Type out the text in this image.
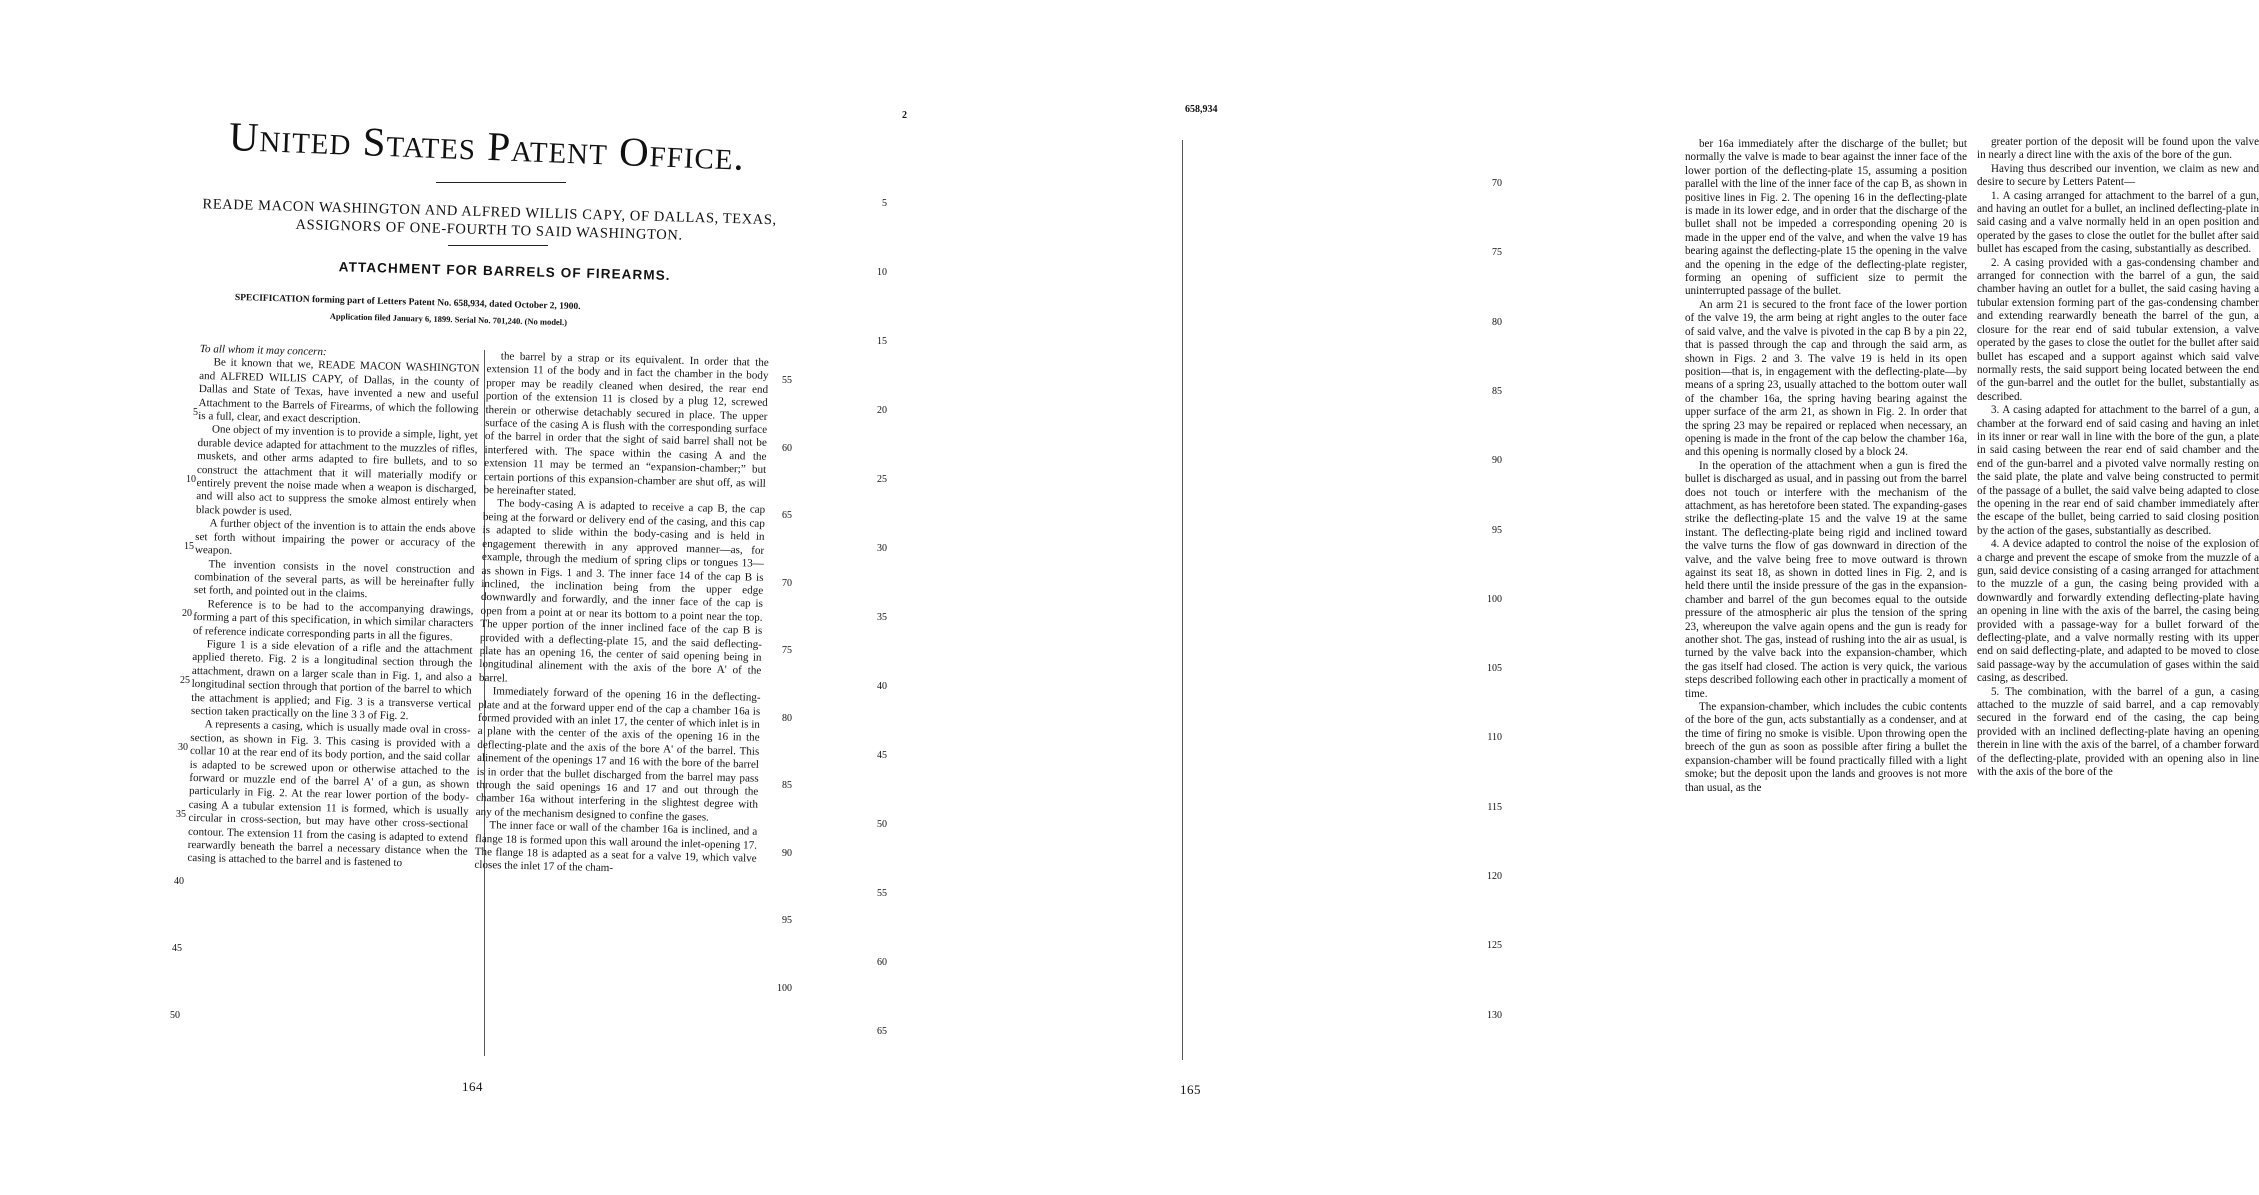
United States Patent Office.
READE MACON WASHINGTON AND ALFRED WILLIS CAPY, OF DALLAS, TEXAS, ASSIGNORS OF ONE-FOURTH TO SAID WASHINGTON.
ATTACHMENT FOR BARRELS OF FIREARMS.
SPECIFICATION forming part of Letters Patent No. 658,934, dated October 2, 1900.
Application filed January 6, 1899. Serial No. 701,240. (No model.)

To all whom it may concern:

Be it known that we, READE MACON WASHINGTON and ALFRED WILLIS CAPY, of Dallas, in the county of Dallas and State of Texas, have invented a new and useful Attachment to the Barrels of Firearms, of which the following is a full, clear, and exact description.

One object of my invention is to provide a simple, light, yet durable device adapted for attachment to the muzzles of rifles, muskets, and other arms adapted to fire bullets, and to so construct the attachment that it will materially modify or entirely prevent the noise made when a weapon is discharged, and will also act to suppress the smoke almost entirely when black powder is used.

A further object of the invention is to attain the ends above set forth without impairing the power or accuracy of the weapon.

The invention consists in the novel construction and combination of the several parts, as will be hereinafter fully set forth, and pointed out in the claims.

Reference is to be had to the accompanying drawings, forming a part of this specification, in which similar characters of reference indicate corresponding parts in all the figures.

Figure 1 is a side elevation of a rifle and the attachment applied thereto. Fig. 2 is a longitudinal section through the attachment, drawn on a larger scale than in Fig. 1, and also a longitudinal section through that portion of the barrel to which the attachment is applied; and Fig. 3 is a transverse vertical section taken practically on the line 3 3 of Fig. 2.

A represents a casing, which is usually made oval in cross-section, as shown in Fig. 3. This casing is provided with a collar 10 at the rear end of its body portion, and the said collar is adapted to be screwed upon or otherwise attached to the forward or muzzle end of the barrel A' of a gun, as shown particularly in Fig. 2. At the rear lower portion of the body-casing A a tubular extension 11 is formed, which is usually circular in cross-section, but may have other cross-sectional contour. The extension 11 from the casing is adapted to extend rearwardly beneath the barrel a necessary distance when the casing is attached to the barrel and is fastened to

the barrel by a strap or its equivalent. In order that the extension 11 of the body and in fact the chamber in the body proper may be readily cleaned when desired, the rear end portion of the extension 11 is closed by a plug 12, screwed therein or otherwise detachably secured in place. The upper surface of the casing A is flush with the corresponding surface of the barrel in order that the sight of said barrel shall not be interfered with. The space within the casing A and the extension 11 may be termed an “expansion-chamber;” but certain portions of this expansion-chamber are shut off, as will be hereinafter stated.

The body-casing A is adapted to receive a cap B, the cap being at the forward or delivery end of the casing, and this cap is adapted to slide within the body-casing and is held in engagement therewith in any approved manner—as, for example, through the medium of spring clips or tongues 13—as shown in Figs. 1 and 3. The inner face 14 of the cap B is inclined, the inclination being from the upper edge downwardly and forwardly, and the inner face of the cap is open from a point at or near its bottom to a point near the top. The upper portion of the inner inclined face of the cap B is provided with a deflecting-plate 15, and the said deflecting-plate has an opening 16, the center of said opening being in longitudinal alinement with the axis of the bore A' of the barrel.

Immediately forward of the opening 16 in the deflecting-plate and at the forward upper end of the cap a chamber 16a is formed provided with an inlet 17, the center of which inlet is in a plane with the center of the axis of the opening 16 in the deflecting-plate and the axis of the bore A' of the barrel. This alinement of the openings 17 and 16 with the bore of the barrel is in order that the bullet discharged from the barrel may pass through the said openings 16 and 17 and out through the chamber 16a without interfering in the slightest degree with any of the mechanism designed to confine the gases.

The inner face or wall of the chamber 16a is inclined, and a flange 18 is formed upon this wall around the inlet-opening 17. The flange 18 is adapted as a seat for a valve 19, which valve closes the inlet 17 of the cham-

164
5
10
15
20
25
30
35
40
45
50
55
60
65
70
75
80
85
90
95
100
2
658,934

ber 16a immediately after the discharge of the bullet; but normally the valve is made to bear against the inner face of the lower portion of the deflecting-plate 15, assuming a position parallel with the line of the inner face of the cap B, as shown in positive lines in Fig. 2. The opening 16 in the deflecting-plate is made in its lower edge, and in order that the discharge of the bullet shall not be impeded a corresponding opening 20 is made in the upper end of the valve, and when the valve 19 has bearing against the deflecting-plate 15 the opening in the valve and the opening in the edge of the deflecting-plate register, forming an opening of sufficient size to permit the uninterrupted passage of the bullet.

An arm 21 is secured to the front face of the lower portion of the valve 19, the arm being at right angles to the outer face of said valve, and the valve is pivoted in the cap B by a pin 22, that is passed through the cap and through the said arm, as shown in Figs. 2 and 3. The valve 19 is held in its open position—that is, in engagement with the deflecting-plate—by means of a spring 23, usually attached to the bottom outer wall of the chamber 16a, the spring having bearing against the upper surface of the arm 21, as shown in Fig. 2. In order that the spring 23 may be repaired or replaced when necessary, an opening is made in the front of the cap below the chamber 16a, and this opening is normally closed by a block 24.

In the operation of the attachment when a gun is fired the bullet is discharged as usual, and in passing out from the barrel does not touch or interfere with the mechanism of the attachment, as has heretofore been stated. The expanding-gases strike the deflecting-plate 15 and the valve 19 at the same instant. The deflecting-plate being rigid and inclined toward the valve turns the flow of gas downward in direction of the valve, and the valve being free to move outward is thrown against its seat 18, as shown in dotted lines in Fig. 2, and is held there until the inside pressure of the gas in the expansion-chamber and barrel of the gun becomes equal to the outside pressure of the atmospheric air plus the tension of the spring 23, whereupon the valve again opens and the gun is ready for another shot. The gas, instead of rushing into the air as usual, is turned by the valve back into the expansion-chamber, which the gas itself had closed. The action is very quick, the various steps described following each other in practically a moment of time.

The expansion-chamber, which includes the cubic contents of the bore of the gun, acts substantially as a condenser, and at the time of firing no smoke is visible. Upon throwing open the breech of the gun as soon as possible after firing a bullet the expansion-chamber will be found practically filled with a light smoke; but the deposit upon the lands and grooves is not more than usual, as the

greater portion of the deposit will be found upon the valve in nearly a direct line with the axis of the bore of the gun.

Having thus described our invention, we claim as new and desire to secure by Letters Patent—

1. A casing arranged for attachment to the barrel of a gun, and having an outlet for a bullet, an inclined deflecting-plate in said casing and a valve normally held in an open position and operated by the gases to close the outlet for the bullet after said bullet has escaped from the casing, substantially as described.

2. A casing provided with a gas-condensing chamber and arranged for connection with the barrel of a gun, the said chamber having an outlet for a bullet, the said casing having a tubular extension forming part of the gas-condensing chamber and extending rearwardly beneath the barrel of the gun, a closure for the rear end of said tubular extension, a valve operated by the gases to close the outlet for the bullet after said bullet has escaped and a support against which said valve normally rests, the said support being located between the end of the gun-barrel and the outlet for the bullet, substantially as described.

3. A casing adapted for attachment to the barrel of a gun, a chamber at the forward end of said casing and having an inlet in its inner or rear wall in line with the bore of the gun, a plate in said casing between the rear end of said chamber and the end of the gun-barrel and a pivoted valve normally resting on the said plate, the plate and valve being constructed to permit of the passage of a bullet, the said valve being adapted to close the opening in the rear end of said chamber immediately after the escape of the bullet, being carried to said closing position by the action of the gases, substantially as described.

4. A device adapted to control the noise of the explosion of a charge and prevent the escape of smoke from the muzzle of a gun, said device consisting of a casing arranged for attachment to the muzzle of a gun, the casing being provided with a downwardly and forwardly extending deflecting-plate having an opening in line with the axis of the barrel, the casing being provided with a passage-way for a bullet forward of the deflecting-plate, and a valve normally resting with its upper end on said deflecting-plate, and adapted to be moved to close said passage-way by the accumulation of gases within the said casing, as described.

5. The combination, with the barrel of a gun, a casing attached to the muzzle of said barrel, and a cap removably secured in the forward end of the casing, the cap being provided with an inclined deflecting-plate having an opening therein in line with the axis of the barrel, of a chamber forward of the deflecting-plate, provided with an opening also in line with the axis of the bore of the

165
5
10
15
20
25
30
35
40
45
50
55
60
65
70
75
80
85
90
95
100
105
110
115
120
125
130
